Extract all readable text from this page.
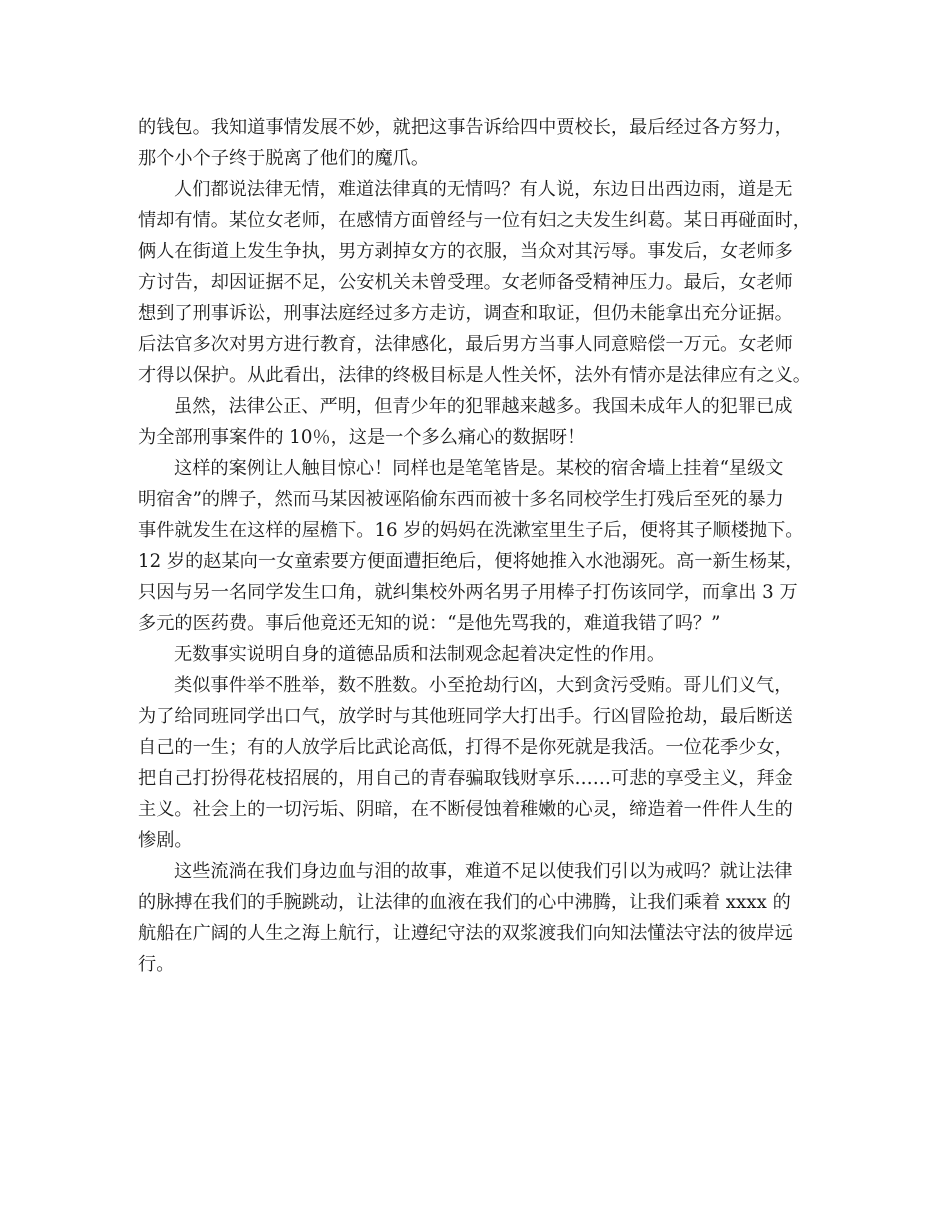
的钱包。我知道事情发展不妙，就把这事告诉给四中贾校长，最后经过各方努力，
那个小个子终于脱离了他们的魔爪。
人们都说法律无情，难道法律真的无情吗？有人说，东边日出西边雨，道是无
情却有情。某位女老师，在感情方面曾经与一位有妇之夫发生纠葛。某日再碰面时，
俩人在街道上发生争执，男方剥掉女方的衣服，当众对其污辱。事发后，女老师多
方讨告，却因证据不足，公安机关未曾受理。女老师备受精神压力。最后，女老师
想到了刑事诉讼，刑事法庭经过多方走访，调查和取证，但仍未能拿出充分证据。
后法官多次对男方进行教育，法律感化，最后男方当事人同意赔偿一万元。女老师
才得以保护。从此看出，法律的终极目标是人性关怀，法外有情亦是法律应有之义。
虽然，法律公正、严明，但青少年的犯罪越来越多。我国未成年人的犯罪已成
为全部刑事案件的 10％，这是一个多么痛心的数据呀！
这样的案例让人触目惊心！同样也是笔笔皆是。某校的宿舍墙上挂着“星级文
明宿舍”的牌子，然而马某因被诬陷偷东西而被十多名同校学生打残后至死的暴力
事件就发生在这样的屋檐下。16 岁的妈妈在洗漱室里生子后，便将其子顺楼抛下。
12 岁的赵某向一女童索要方便面遭拒绝后，便将她推入水池溺死。高一新生杨某，
只因与另一名同学发生口角，就纠集校外两名男子用棒子打伤该同学，而拿出 3 万
多元的医药费。事后他竟还无知的说：“是他先骂我的，难道我错了吗？”
无数事实说明自身的道德品质和法制观念起着决定性的作用。
类似事件举不胜举，数不胜数。小至抢劫行凶，大到贪污受贿。哥儿们义气，
为了给同班同学出口气，放学时与其他班同学大打出手。行凶冒险抢劫，最后断送
自己的一生；有的人放学后比武论高低，打得不是你死就是我活。一位花季少女，
把自己打扮得花枝招展的，用自己的青春骗取钱财享乐……可悲的享受主义，拜金
主义。社会上的一切污垢、阴暗，在不断侵蚀着稚嫩的心灵，缔造着一件件人生的
惨剧。
这些流淌在我们身边血与泪的故事，难道不足以使我们引以为戒吗？就让法律
的脉搏在我们的手腕跳动，让法律的血液在我们的心中沸腾，让我们乘着 xxxx 的
航船在广阔的人生之海上航行，让遵纪守法的双浆渡我们向知法懂法守法的彼岸远
行。
